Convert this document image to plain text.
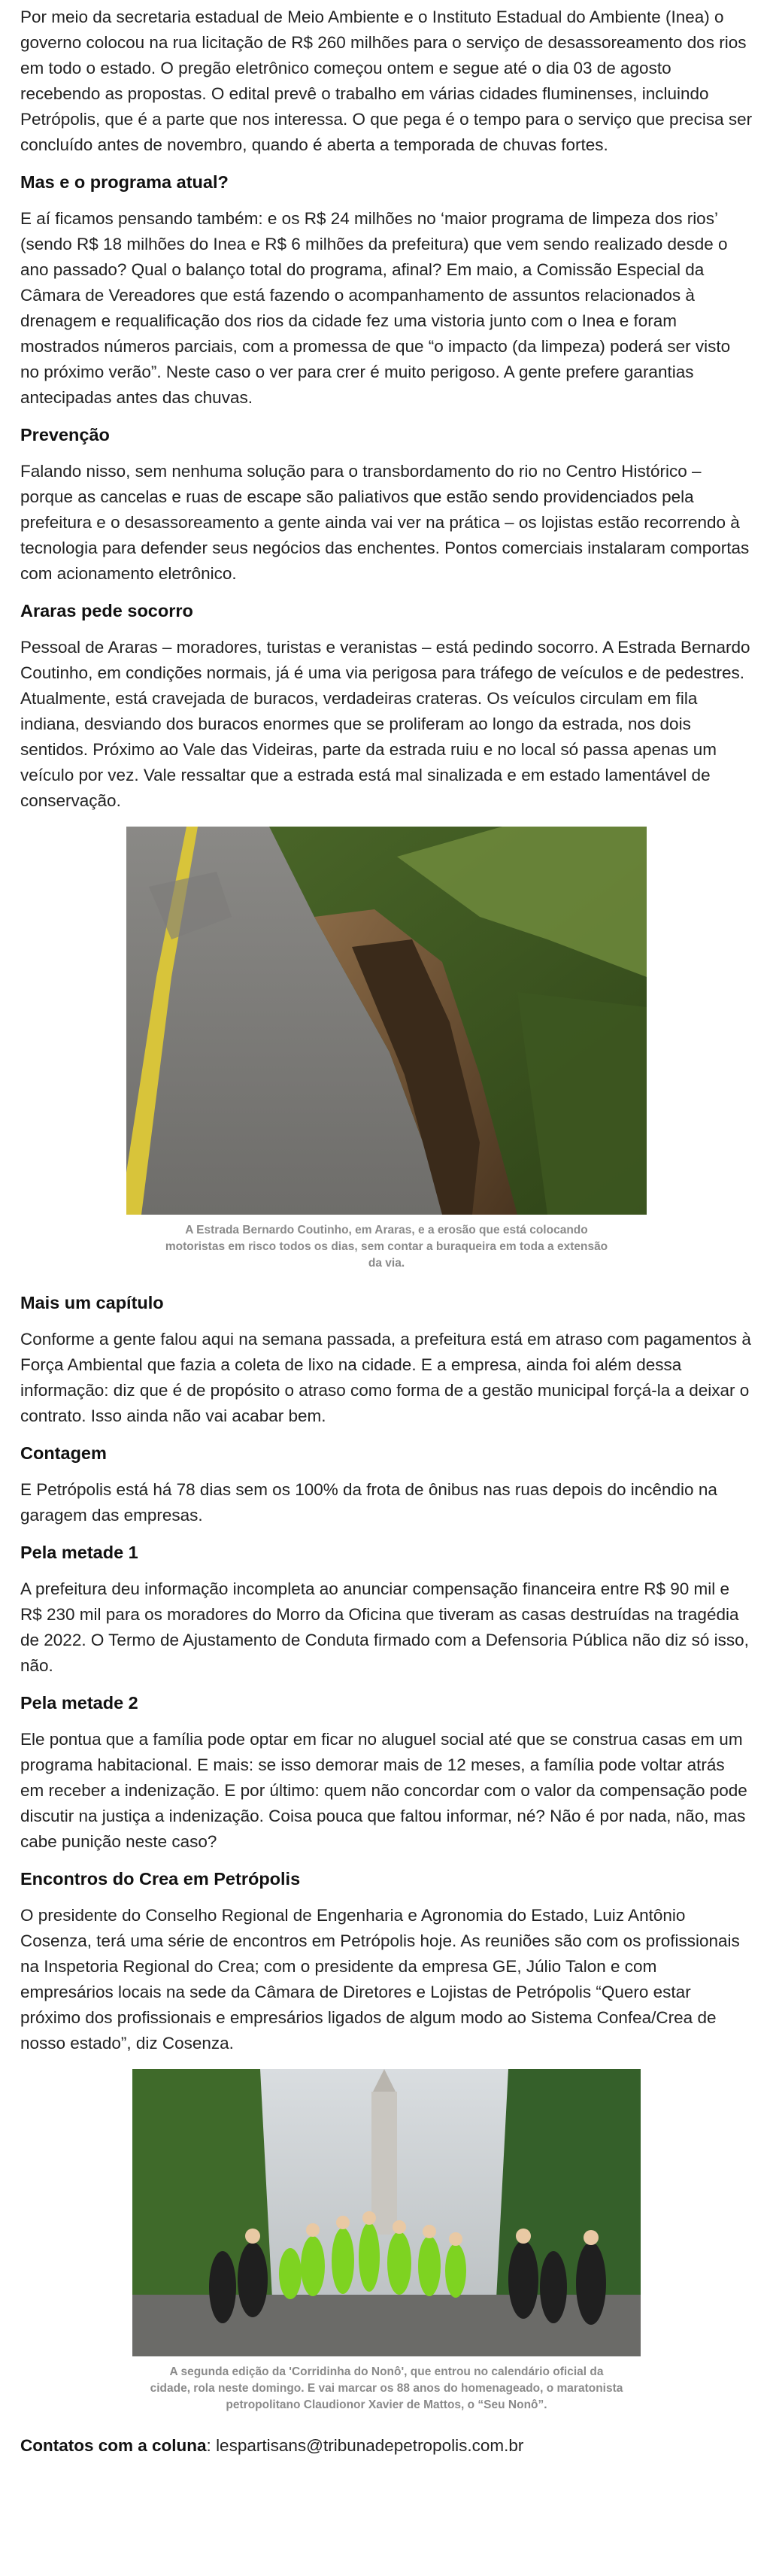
Por meio da secretaria estadual de Meio Ambiente e o Instituto Estadual do Ambiente (Inea) o governo colocou na rua licitação de R$ 260 milhões para o serviço de desassoreamento dos rios em todo o estado. O pregão eletrônico começou ontem e segue até o dia 03 de agosto recebendo as propostas. O edital prevê o trabalho em várias cidades fluminenses, incluindo Petrópolis, que é a parte que nos interessa. O que pega é o tempo para o serviço que precisa ser concluído antes de novembro, quando é aberta a temporada de chuvas fortes.

Mas e o programa atual?

E aí ficamos pensando também: e os R$ 24 milhões no ‘maior programa de limpeza dos rios’ (sendo R$ 18 milhões do Inea e R$ 6 milhões da prefeitura) que vem sendo realizado desde o ano passado? Qual o balanço total do programa, afinal? Em maio, a Comissão Especial da Câmara de Vereadores que está fazendo o acompanhamento de assuntos relacionados à drenagem e requalificação dos rios da cidade fez uma vistoria junto com o Inea e foram mostrados números parciais, com a promessa de que “o impacto (da limpeza) poderá ser visto no próximo verão”. Neste caso o ver para crer é muito perigoso. A gente prefere garantias antecipadas antes das chuvas.

Prevenção

Falando nisso, sem nenhuma solução para o transbordamento do rio no Centro Histórico – porque as cancelas e ruas de escape são paliativos que estão sendo providenciados pela prefeitura e o desassoreamento a gente ainda vai ver na prática – os lojistas estão recorrendo à tecnologia para defender seus negócios das enchentes. Pontos comerciais instalaram comportas com acionamento eletrônico.

Araras pede socorro

Pessoal de Araras – moradores, turistas e veranistas – está pedindo socorro. A Estrada Bernardo Coutinho, em condições normais, já é uma via perigosa para tráfego de veículos e de pedestres. Atualmente, está cravejada de buracos, verdadeiras crateras. Os veículos circulam em fila indiana, desviando dos buracos enormes que se proliferam ao longo da estrada, nos dois sentidos. Próximo ao Vale das Videiras, parte da estrada ruiu e no local só passa apenas um veículo por vez. Vale ressaltar que a estrada está mal sinalizada e em estado lamentável de conservação.

A Estrada Bernardo Coutinho, em Araras, e a erosão que está colocando motoristas em risco todos os dias, sem contar a buraqueira em toda a extensão da via.
Mais um capítulo

Conforme a gente falou aqui na semana passada, a prefeitura está em atraso com pagamentos à Força Ambiental que fazia a coleta de lixo na cidade. E a empresa, ainda foi além dessa informação: diz que é de propósito o atraso como forma de a gestão municipal forçá-la a deixar o contrato. Isso ainda não vai acabar bem.

Contagem

E Petrópolis está há 78 dias sem os 100% da frota de ônibus nas ruas depois do incêndio na garagem das empresas.

Pela metade 1

A prefeitura deu informação incompleta ao anunciar compensação financeira entre R$ 90 mil e R$ 230 mil para os moradores do Morro da Oficina que tiveram as casas destruídas na tragédia de 2022. O Termo de Ajustamento de Conduta firmado com a Defensoria Pública não diz só isso, não.

Pela metade 2

Ele pontua que a família pode optar em ficar no aluguel social até que se construa casas em um programa habitacional. E mais: se isso demorar mais de 12 meses, a família pode voltar atrás em receber a indenização. E por último: quem não concordar com o valor da compensação pode discutir na justiça a indenização. Coisa pouca que faltou informar, né? Não é por nada, não, mas cabe punição neste caso?

Encontros do Crea em Petrópolis

O presidente do Conselho Regional de Engenharia e Agronomia do Estado, Luiz Antônio Cosenza, terá uma série de encontros em Petrópolis hoje. As reuniões são com os profissionais na Inspetoria Regional do Crea; com o presidente da empresa GE, Júlio Talon e com empresários locais na sede da Câmara de Diretores e Lojistas de Petrópolis “Quero estar próximo dos profissionais e empresários ligados de algum modo ao Sistema Confea/Crea de nosso estado”, diz Cosenza.

A segunda edição da 'Corridinha do Nonô', que entrou no calendário oficial da cidade, rola neste domingo. E vai marcar os 88 anos do homenageado, o maratonista petropolitano Claudionor Xavier de Mattos, o “Seu Nonô”.

Contatos com a coluna: lespartisans@tribunadepetropolis.com.br
